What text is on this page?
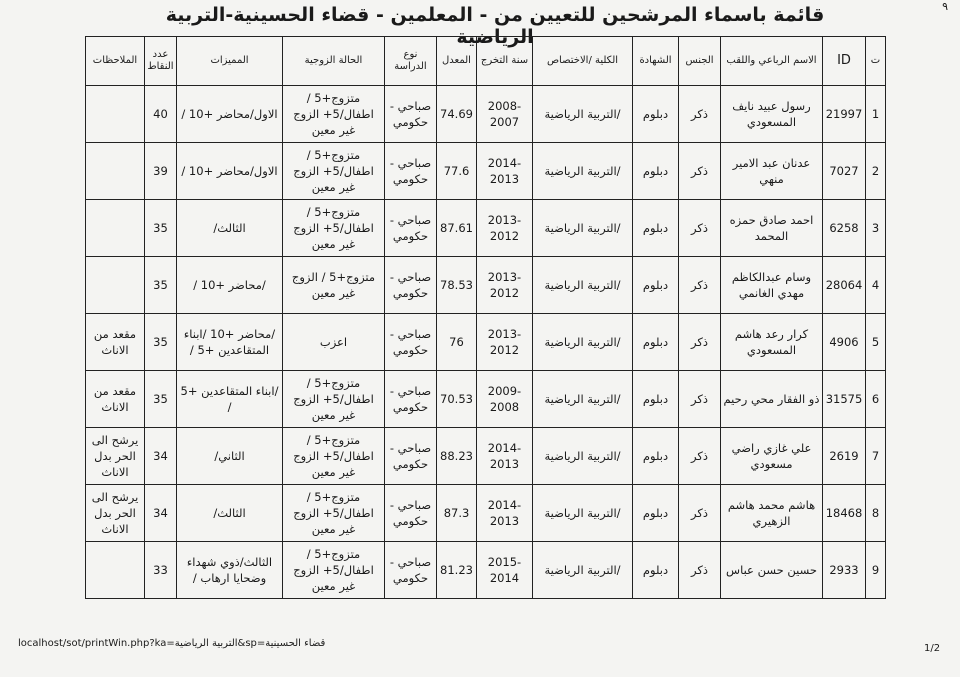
٩
قائمة باسماء المرشحين للتعيين من - المعلمين - قضاء الحسينية-التربية الرياضية
ت	ID	الاسم الرباعي واللقب	الجنس	الشهادة	الكلية /الاختصاص	سنة التخرج	المعدل	نوع الدراسة	الحالة الزوجية	المميزات	عدد النقاط	الملاحظات
1	21997	رسول عبيد نايف المسعودي	ذكر	دبلوم	/التربية الرياضية	2008-2007	74.69	صباحي - حكومي	متزوج+5 / اطفال/5+ الزوج غير معين	الاول/محاضر +10 /	40	
2	7027	عدنان عبد الامير منهي	ذكر	دبلوم	/التربية الرياضية	2014-2013	77.6	صباحي - حكومي	متزوج+5 / اطفال/5+ الزوج غير معين	الاول/محاضر +10 /	39	
3	6258	احمد صادق حمزه المحمد	ذكر	دبلوم	/التربية الرياضية	2013-2012	87.61	صباحي - حكومي	متزوج+5 / اطفال/5+ الزوج غير معين	الثالث/	35	
4	28064	وسام عبدالكاظم مهدي الغانمي	ذكر	دبلوم	/التربية الرياضية	2013-2012	78.53	صباحي - حكومي	متزوج+5 / الزوج غير معين	/محاضر +10 /	35	
5	4906	كرار رعد هاشم المسعودي	ذكر	دبلوم	/التربية الرياضية	2013-2012	76	صباحي - حكومي	اعزب	/محاضر +10 /ابناء المتقاعدين +5 /	35	مقعد من الاناث
6	31575	ذو الفقار محي رحيم	ذكر	دبلوم	/التربية الرياضية	2009-2008	70.53	صباحي - حكومي	متزوج+5 / اطفال/5+ الزوج غير معين	/ابناء المتقاعدين +5 /	35	مقعد من الاناث
7	2619	علي غازي راضي مسعودي	ذكر	دبلوم	/التربية الرياضية	2014-2013	88.23	صباحي - حكومي	متزوج+5 / اطفال/5+ الزوج غير معين	الثاني/	34	يرشح الى الحر بدل الاناث
8	18468	هاشم محمد هاشم الزهيري	ذكر	دبلوم	/التربية الرياضية	2014-2013	87.3	صباحي - حكومي	متزوج+5 / اطفال/5+ الزوج غير معين	الثالث/	34	يرشح الى الحر بدل الاناث
9	2933	حسين حسن عباس	ذكر	دبلوم	/التربية الرياضية	2015-2014	81.23	صباحي - حكومي	متزوج+5 / اطفال/5+ الزوج غير معين	الثالث/ذوي شهداء وضحايا ارهاب /	33	
localhost/sot/printWin.php?ka=التربية الرياضية&sp=قضاء الحسينية	1/2
